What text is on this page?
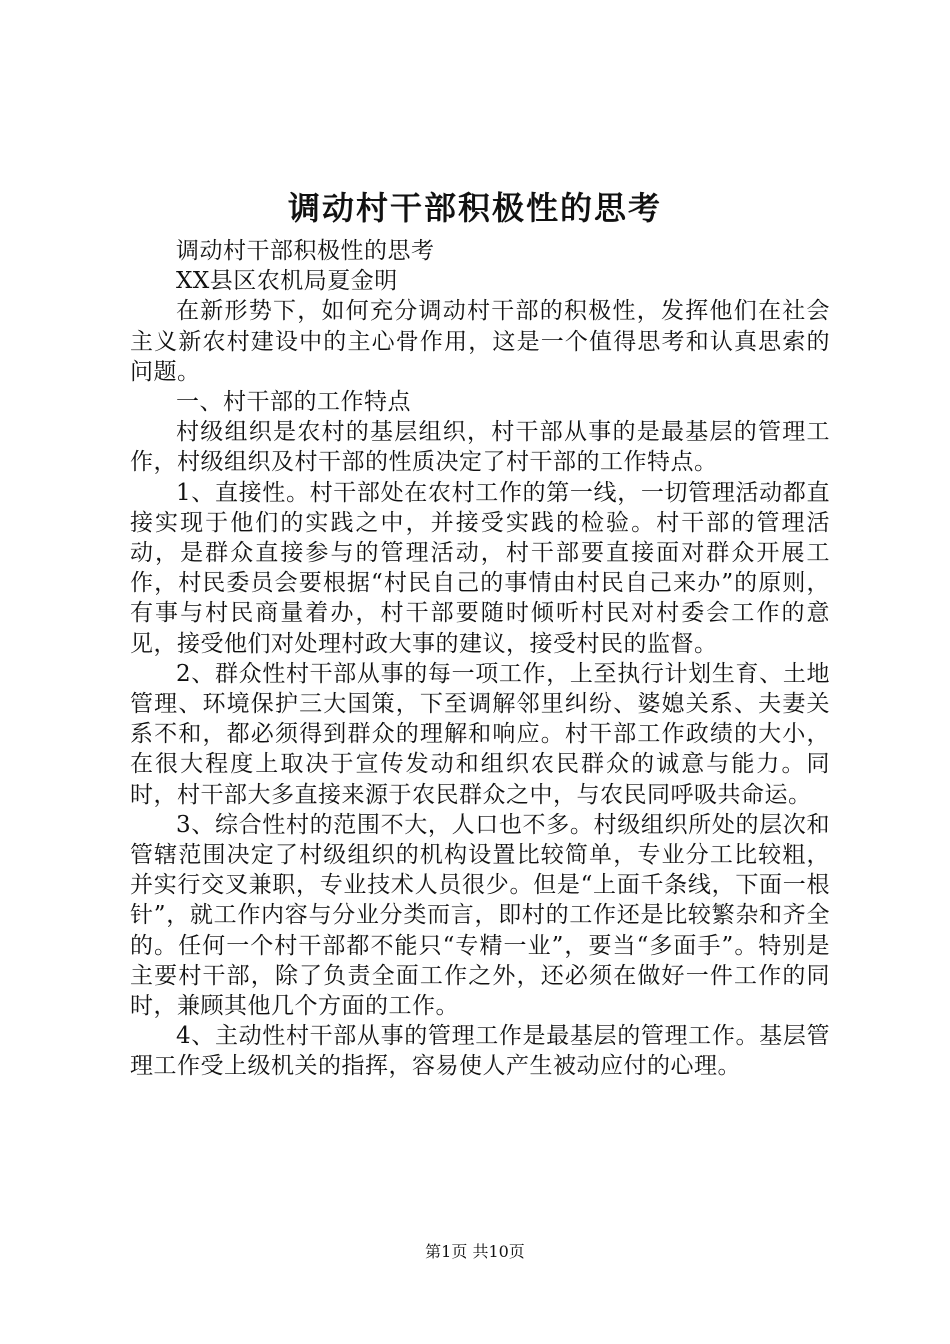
调动村干部积极性的思考

调动村干部积极性的思考

XX县区农机局夏金明

在新形势下，如何充分调动村干部的积极性，发挥他们在社会主义新农村建设中的主心骨作用，这是一个值得思考和认真思索的问题。

一、村干部的工作特点

村级组织是农村的基层组织，村干部从事的是最基层的管理工作，村级组织及村干部的性质决定了村干部的工作特点。

1、直接性。村干部处在农村工作的第一线，一切管理活动都直接实现于他们的实践之中，并接受实践的检验。村干部的管理活动，是群众直接参与的管理活动，村干部要直接面对群众开展工作，村民委员会要根据“村民自己的事情由村民自己来办”的原则，有事与村民商量着办，村干部要随时倾听村民对村委会工作的意见，接受他们对处理村政大事的建议，接受村民的监督。

2、群众性村干部从事的每一项工作，上至执行计划生育、土地管理、环境保护三大国策，下至调解邻里纠纷、婆媳关系、夫妻关系不和，都必须得到群众的理解和响应。村干部工作政绩的大小，在很大程度上取决于宣传发动和组织农民群众的诚意与能力。同时，村干部大多直接来源于农民群众之中，与农民同呼吸共命运。

3、综合性村的范围不大，人口也不多。村级组织所处的层次和管辖范围决定了村级组织的机构设置比较简单，专业分工比较粗，并实行交叉兼职，专业技术人员很少。但是“上面千条线，下面一根针”，就工作内容与分业分类而言，即村的工作还是比较繁杂和齐全的。任何一个村干部都不能只“专精一业”，要当“多面手”。特别是主要村干部，除了负责全面工作之外，还必须在做好一件工作的同时，兼顾其他几个方面的工作。

4、主动性村干部从事的管理工作是最基层的管理工作。基层管理工作受上级机关的指挥，容易使人产生被动应付的心理。

第1页 共10页
